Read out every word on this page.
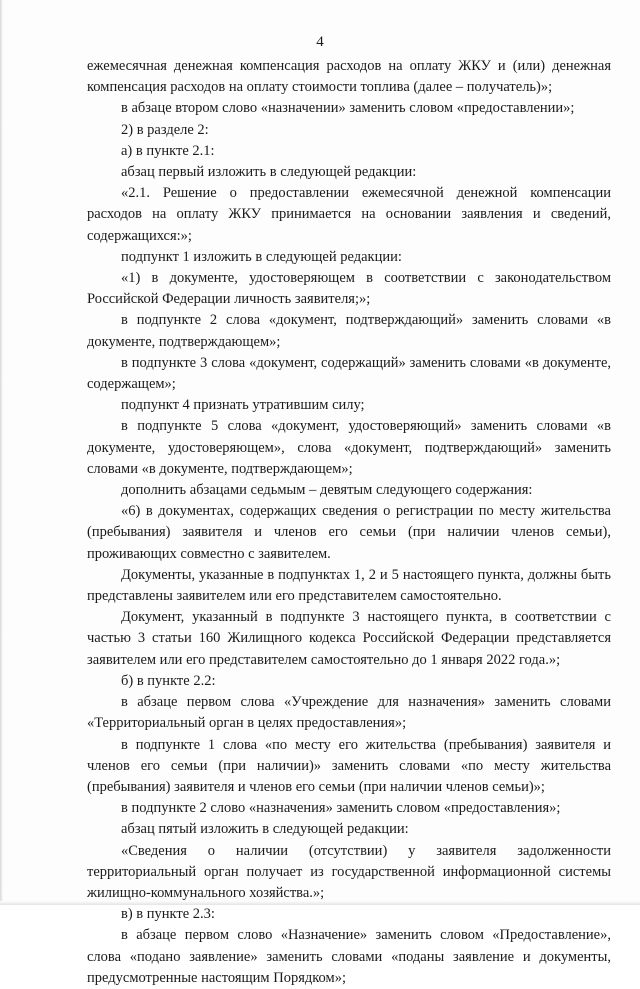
4

ежемесячная денежная компенсация расходов на оплату ЖКУ и (или) денежная компенсация расходов на оплату стоимости топлива (далее – получатель)»;

в абзаце втором слово «назначении» заменить словом «предоставлении»;

2) в разделе 2:

а) в пункте 2.1:

абзац первый изложить в следующей редакции:

«2.1. Решение о предоставлении ежемесячной денежной компенсации расходов на оплату ЖКУ принимается на основании заявления и сведений, содержащихся:»;

подпункт 1 изложить в следующей редакции:

«1) в документе, удостоверяющем в соответствии с законодательством Российской Федерации личность заявителя;»;

в подпункте 2 слова «документ, подтверждающий» заменить словами «в документе, подтверждающем»;

в подпункте 3 слова «документ, содержащий» заменить словами «в документе, содержащем»;

подпункт 4 признать утратившим силу;

в подпункте 5 слова «документ, удостоверяющий» заменить словами «в документе, удостоверяющем», слова «документ, подтверждающий» заменить словами «в документе, подтверждающем»;

дополнить абзацами седьмым – девятым следующего содержания:

«6) в документах, содержащих сведения о регистрации по месту жительства (пребывания) заявителя и членов его семьи (при наличии членов семьи), проживающих совместно с заявителем.

Документы, указанные в подпунктах 1, 2 и 5 настоящего пункта, должны быть представлены заявителем или его представителем самостоятельно.

Документ, указанный в подпункте 3 настоящего пункта, в соответствии с частью 3 статьи 160 Жилищного кодекса Российской Федерации представляется заявителем или его представителем самостоятельно до 1 января 2022 года.»;

б) в пункте 2.2:

в абзаце первом слова «Учреждение для назначения» заменить словами «Территориальный орган в целях предоставления»;

в подпункте 1 слова «по месту его жительства (пребывания) заявителя и членов его семьи (при наличии)» заменить словами «по месту жительства (пребывания) заявителя и членов его семьи (при наличии членов семьи)»;

в подпункте 2 слово «назначения» заменить словом «предоставления»;

абзац пятый изложить в следующей редакции:

«Сведения о наличии (отсутствии) у заявителя задолженности территориальный орган получает из государственной информационной системы жилищно-коммунального хозяйства.»;

в) в пункте 2.3:

в абзаце первом слово «Назначение» заменить словом «Предоставление», слова «подано заявление» заменить словами «поданы заявление и документы, предусмотренные настоящим Порядком»;
